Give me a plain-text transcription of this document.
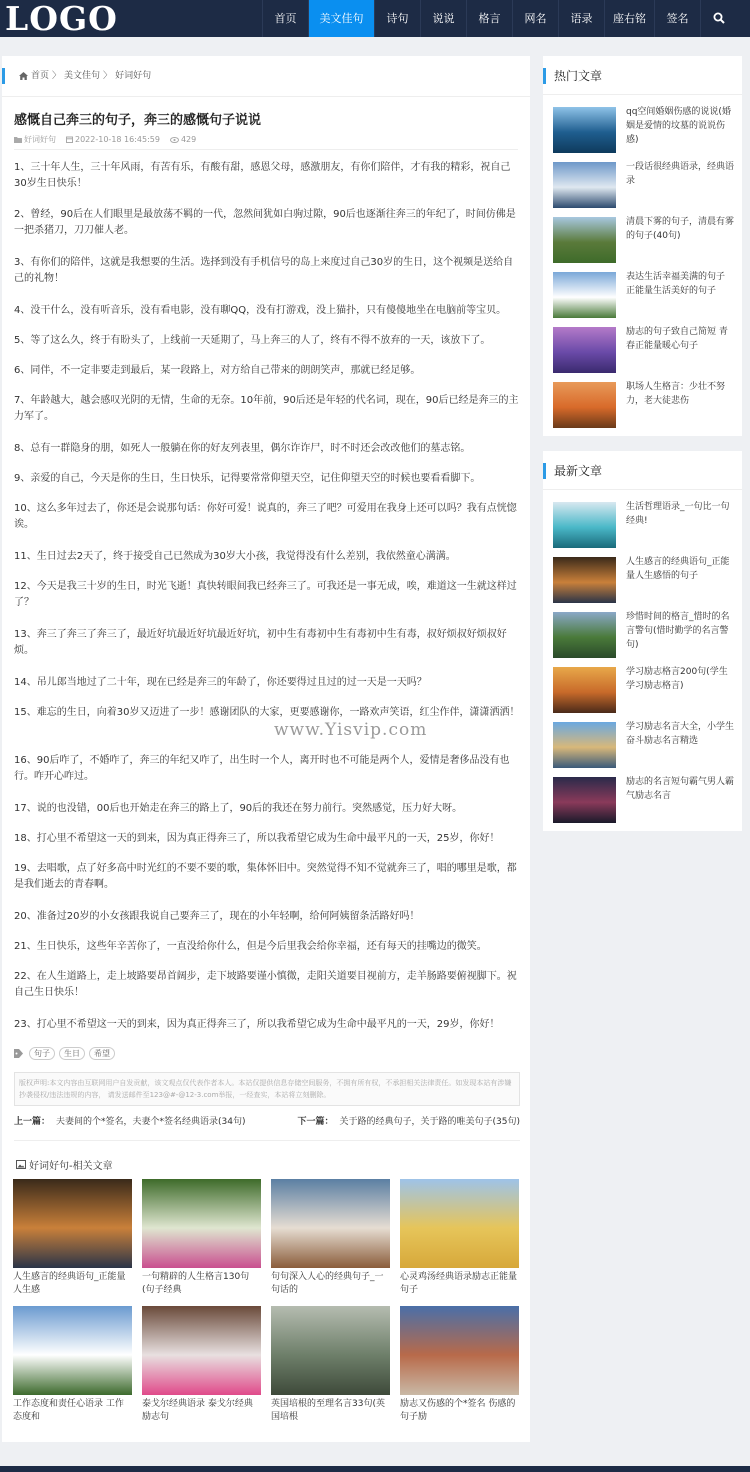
LOGO	首页	美文佳句	诗句	说说	格言	网名	语录	座右铭	签名
首页 〉 美文佳句 〉 好词好句
感慨自己奔三的句子，奔三的感慨句子说说
好词好句 2022-10-18 16:45:59	429

1、三十年人生，三十年风雨，有苦有乐，有酸有甜，感恩父母，感激朋友，有你们陪伴，才有我的精彩，祝自己30岁生日快乐！

2、曾经，90后在人们眼里是最放荡不羁的一代，忽然间犹如白驹过隙，90后也逐渐往奔三的年纪了，时间仿佛是一把杀猪刀，刀刀催人老。

3、有你们的陪伴，这就是我想要的生活。选择到没有手机信号的岛上来度过自己30岁的生日，这个视频是送给自己的礼物！

4、没干什么，没有听音乐，没有看电影，没有聊QQ，没有打游戏，没上猫扑，只有傻傻地坐在电脑前等宝贝。

5、等了这么久，终于有盼头了，上线前一天延期了，马上奔三的人了，终有不得不放弃的一天，该放下了。

6、同伴，不一定非要走到最后，某一段路上，对方给自己带来的朗朗笑声，那就已经足够。

7、年龄越大，越会感叹光阴的无情，生命的无奈。10年前，90后还是年轻的代名词，现在，90后已经是奔三的主力军了。

8、总有一群隐身的朋，如死人一般躺在你的好友列表里，偶尔诈诈尸，时不时还会改改他们的墓志铭。

9、亲爱的自己，今天是你的生日，生日快乐，记得要常常仰望天空，记住仰望天空的时候也要看看脚下。

10、这么多年过去了，你还是会说那句话：你好可爱！说真的，奔三了吧？可爱用在我身上还可以吗？我有点恍惚诶。

11、生日过去2天了，终于接受自己已然成为30岁大小孩，我觉得没有什么差别，我依然童心满满。

12、今天是我三十岁的生日，时光飞逝！真快转眼间我已经奔三了。可我还是一事无成，唉，难道这一生就这样过了？

13、奔三了奔三了奔三了，最近好坑最近好坑最近好坑，初中生有毒初中生有毒初中生有毒，叔好烦叔好烦叔好烦。

14、吊儿郎当地过了二十年，现在已经是奔三的年龄了，你还要得过且过的过一天是一天吗？

15、难忘的生日，向着30岁又迈进了一步！感谢团队的大家，更要感谢你，一路欢声笑语，红尘作伴，潇潇洒洒！

16、90后咋了，不婚咋了，奔三的年纪又咋了，出生时一个人，离开时也不可能是两个人，爱情是奢侈品没有也行。咋开心咋过。

17、说的也没错，00后也开始走在奔三的路上了，90后的我还在努力前行。突然感觉，压力好大呀。

18、打心里不希望这一天的到来，因为真正得奔三了，所以我希望它成为生命中最平凡的一天，25岁，你好！

19、去唱歌，点了好多高中时光红的不要不要的歌，集体怀旧中。突然觉得不知不觉就奔三了，唱的哪里是歌，都是我们逝去的青春啊。

20、准备过20岁的小女孩跟我说自己要奔三了，现在的小年轻啊，给何阿姨留条活路好吗！

21、生日快乐，这些年辛苦你了，一直没给你什么，但是今后里我会给你幸福，还有每天的挂嘴边的微笑。

22、在人生道路上，走上坡路要昂首阔步，走下坡路要谨小慎微，走阳关道要目视前方，走羊肠路要俯视脚下。祝自己生日快乐！

23、打心里不希望这一天的到来，因为真正得奔三了，所以我希望它成为生命中最平凡的一天，29岁，你好！

www.Yisvip.com
句子	生日	希望
版权声明:本文内容由互联网用户自发贡献，该文观点仅代表作者本人。本站仅提供信息存储空间服务，不拥有所有权，不承担相关法律责任。如发现本站有涉嫌抄袭侵权/违法违规的内容， 请发送邮件至123@#-@12-3.com举报，一经查实，本站将立刻删除。
上一篇： 夫妻间的个*签名，夫妻个*签名经典语录(34句)	下一篇： 关于路的经典句子，关于路的唯美句子(35句)
好词好句-相关文章
人生感言的经典语句_正能量人生感
一句精辟的人生格言130句(句子经典
句句深入人心的经典句子_一句话的
心灵鸡汤经典语录励志正能量句子
工作态度和责任心语录 工作态度和
泰戈尔经典语录 泰戈尔经典励志句
英国培根的至理名言33句(英国培根
励志又伤感的个*签名 伤感的句子励
热门文章
qq空间婚姻伤感的说说(婚姻是爱情的坟墓的说说伤感)
一段话很经典语录，经典语录
清晨下雾的句子，清晨有雾的句子(40句)
表达生活幸福美满的句子 正能量生活美好的句子
励志的句子致自己简短 青春正能量暖心句子
职场人生格言：少壮不努力，老大徒悲伤
最新文章
生活哲理语录_一句比一句经典!
人生感言的经典语句_正能量人生感悟的句子
珍惜时间的格言_惜时的名言警句(惜时勤学的名言警句)
学习励志格言200句(学生学习励志格言)
学习励志名言大全，小学生奋斗励志名言精选
励志的名言短句霸气男人霸气励志名言
